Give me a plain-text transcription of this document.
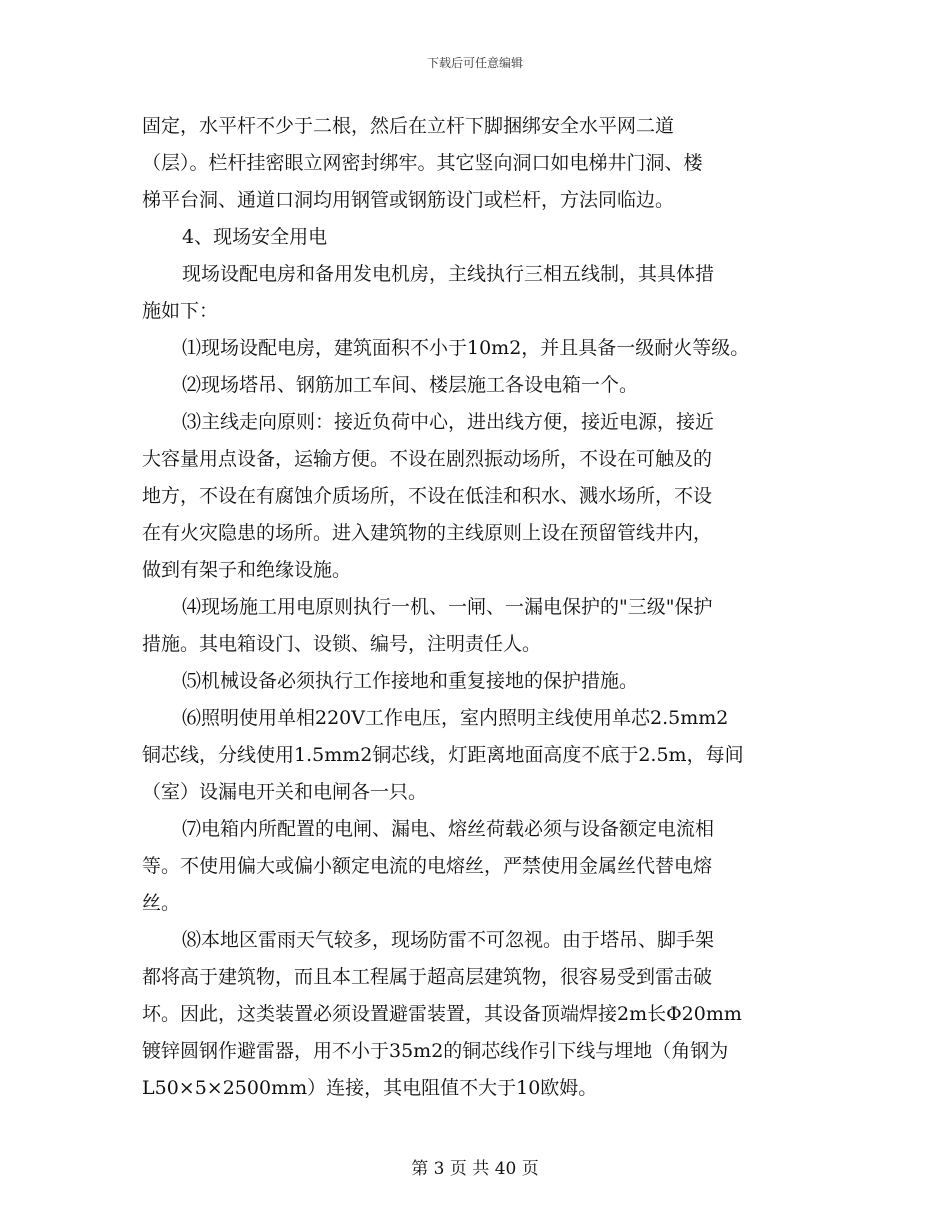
下载后可任意编辑
固定，水平杆不少于二根，然后在立杆下脚捆绑安全水平网二道
（层）。栏杆挂密眼立网密封绑牢。其它竖向洞口如电梯井门洞、楼
梯平台洞、通道口洞均用钢管或钢筋设门或栏杆，方法同临边。
4、现场安全用电
现场设配电房和备用发电机房，主线执行三相五线制，其具体措
施如下：
⑴现场设配电房，建筑面积不小于10m2，并且具备一级耐火等级。
⑵现场塔吊、钢筋加工车间、楼层施工各设电箱一个。
⑶主线走向原则：接近负荷中心，进出线方便，接近电源，接近
大容量用点设备，运输方便。不设在剧烈振动场所，不设在可触及的
地方，不设在有腐蚀介质场所，不设在低洼和积水、溅水场所，不设
在有火灾隐患的场所。进入建筑物的主线原则上设在预留管线井内，
做到有架子和绝缘设施。
⑷现场施工用电原则执行一机、一闸、一漏电保护的"三级"保护
措施。其电箱设门、设锁、编号，注明责任人。
⑸机械设备必须执行工作接地和重复接地的保护措施。
⑹照明使用单相220V工作电压，室内照明主线使用单芯2.5mm2
铜芯线，分线使用1.5mm2铜芯线，灯距离地面高度不底于2.5m，每间
（室）设漏电开关和电闸各一只。
⑺电箱内所配置的电闸、漏电、熔丝荷载必须与设备额定电流相
等。不使用偏大或偏小额定电流的电熔丝，严禁使用金属丝代替电熔
丝。
⑻本地区雷雨天气较多，现场防雷不可忽视。由于塔吊、脚手架
都将高于建筑物，而且本工程属于超高层建筑物，很容易受到雷击破
坏。因此，这类装置必须设置避雷装置，其设备顶端焊接2m长Φ20mm
镀锌圆钢作避雷器，用不小于35m2的铜芯线作引下线与埋地（角钢为
L50×5×2500mm）连接，其电阻值不大于10欧姆。
第 3 页 共 40 页
